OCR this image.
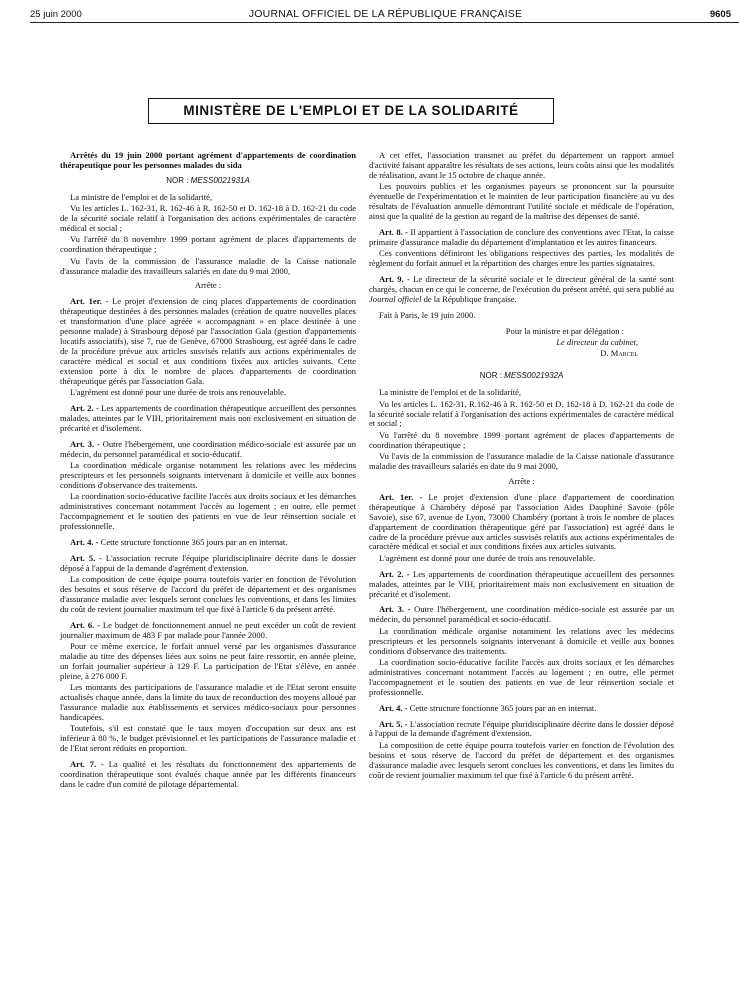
25 juin 2000	JOURNAL OFFICIEL DE LA RÉPUBLIQUE FRANÇAISE	9605
MINISTÈRE DE L'EMPLOI ET DE LA SOLIDARITÉ

Arrêtés du 19 juin 2000 portant agrément d'appartements de coordination thérapeutique pour les personnes malades du sida

NOR : MESS0021931A

La ministre de l'emploi et de la solidarité,

Vu les articles L. 162-31, R. 162-46 à R. 162-50 et D. 162-18 à D. 162-21 du code de la sécurité sociale relatif à l'organisation des actions expérimentales de caractère médical et social ;

Vu l'arrêté du 8 novembre 1999 portant agrément de places d'appartements de coordination thérapeutique ;

Vu l'avis de la commission de l'assurance maladie de la Caisse nationale d'assurance maladie des travailleurs salariés en date du 9 mai 2000,

Arrête :

Art. 1er. - Le projet d'extension de cinq places d'appartements de coordination thérapeutique destinées à des personnes malades (création de quatre nouvelles places et transformation d'une place agréée « accompagnant » en place destinée à une personne malade) à Strasbourg déposé par l'association Gala (gestion d'appartements locatifs associatifs), sise 7, rue de Genève, 67000 Strasbourg, est agréé dans le cadre de la procédure prévue aux articles susvisés relatifs aux actions expérimentales de caractère médical et social et aux conditions fixées aux articles suivants. Cette extension porte à dix le nombre de places d'appartements de coordination thérapeutique gérés par l'association Gala.

L'agrément est donné pour une durée de trois ans renouvelable.

Art. 2. - Les appartements de coordination thérapeutique accueillent des personnes malades, atteintes par le VIH, prioritairement mais non exclusivement en situation de précarité et d'isolement.

Art. 3. - Outre l'hébergement, une coordination médico-sociale est assurée par un médecin, du personnel paramédical et socio-éducatif.

La coordination médicale organise notamment les relations avec les médecins prescripteurs et les personnels soignants intervenant à domicile et veille aux bonnes conditions d'observance des traitements.

La coordination socio-éducative facilite l'accès aux droits sociaux et les démarches administratives concernant notamment l'accès au logement ; en outre, elle permet l'accompagnement et le soutien des patients en vue de leur réinsertion sociale et professionnelle.

Art. 4. - Cette structure fonctionne 365 jours par an en internat.

Art. 5. - L'association recrute l'équipe pluridisciplinaire décrite dans le dossier déposé à l'appui de la demande d'agrément d'extension.

La composition de cette équipe pourra toutefois varier en fonction de l'évolution des besoins et sous réserve de l'accord du préfet de département et des organismes d'assurance maladie avec lesquels seront conclues les conventions, et dans les limites du coût de revient journalier maximum tel que fixé à l'article 6 du présent arrêté.

Art. 6. - Le budget de fonctionnement annuel ne peut excéder un coût de revient journalier maximum de 483 F par malade pour l'année 2000.

Pour ce même exercice, le forfait annuel versé par les organismes d'assurance maladie au titre des dépenses liées aux soins ne peut faire ressortir, en année pleine, un forfait journalier supérieur à 129 F. La participation de l'Etat s'élève, en année pleine, à 276 000 F.

Les montants des participations de l'assurance maladie et de l'Etat seront ensuite actualisés chaque année, dans la limite du taux de reconduction des moyens alloué par l'assurance maladie aux établissements et services médico-sociaux pour personnes handicapées.

Toutefois, s'il est constaté que le taux moyen d'occupation sur deux ans est inférieur à 80 %, le budget prévisionnel et les participations de l'assurance maladie et de l'Etat seront réduits en proportion.

Art. 7. - La qualité et les résultats du fonctionnement des appartements de coordination thérapeutique sont évalués chaque année par les différents financeurs dans le cadre d'un comité de pilotage départemental.

A cet effet, l'association transmet au préfet du département un rapport annuel d'activité faisant apparaître les résultats de ses actions, leurs coûts ainsi que les modalités de réalisation, avant le 15 octobre de chaque année.

Les pouvoirs publics et les organismes payeurs se prononcent sur la poursuite éventuelle de l'expérimentation et le maintien de leur participation financière au vu des résultats de l'évaluation annuelle démontrant l'utilité sociale et médicale de l'opération, ainsi que la qualité de la gestion au regard de la maîtrise des dépenses de santé.

Art. 8. - Il appartient à l'association de conclure des conventions avec l'Etat, la caisse primaire d'assurance maladie du département d'implantation et les autres financeurs.

Ces conventions définiront les obligations respectives des parties, les modalités de règlement du forfait annuel et la répartition des charges entre les parties signataires.

Art. 9. - Le directeur de la sécurité sociale et le directeur général de la santé sont chargés, chacun en ce qui le concerne, de l'exécution du présent arrêté, qui sera publié au Journal officiel de la République française.

Fait à Paris, le 19 juin 2000.

Pour la ministre et par délégation :

Le directeur du cabinet,

D. Marcel

NOR : MESS0021932A

La ministre de l'emploi et de la solidarité,

Vu les articles L. 162-31, R.162-46 à R. 162-50 et D. 162-18 à D. 162-21 du code de la sécurité sociale relatif à l'organisation des actions expérimentales de caractère médical et social ;

Vu l'arrêté du 8 novembre 1999 portant agrément de places d'appartements de coordination thérapeutique ;

Vu l'avis de la commission de l'assurance maladie de la Caisse nationale d'assurance maladie des travailleurs salariés en date du 9 mai 2000,

Arrête :

Art. 1er. - Le projet d'extension d'une place d'appartement de coordination thérapeutique à Chambéry déposé par l'association Aides Dauphiné Savoie (pôle Savoie), sise 67, avenue de Lyon, 73000 Chambéry (portant à trois le nombre de places d'appartement de coordination thérapeutique géré par l'association) est agréé dans le cadre de la procédure prévue aux articles susvisés relatifs aux actions expérimentales de caractère médical et social et aux conditions fixées aux articles suivants.

L'agrément est donné pour une durée de trois ans renouvelable.

Art. 2. - Les appartements de coordination thérapeutique accueillent des personnes malades, atteintes par le VIH, prioritairement mais non exclusivement en situation de précarité et d'isolement.

Art. 3. - Outre l'hébergement, une coordination médico-sociale est assurée par un médecin, du personnel paramédical et socio-éducatif.

La coordination médicale organise notamment les relations avec les médecins prescripteurs et les personnels soignants intervenant à domicile et veille aux bonnes conditions d'observance des traitements.

La coordination socio-éducative facilite l'accès aux droits sociaux et les démarches administratives concernant notamment l'accès au logement ; en outre, elle permet l'accompagnement et le soutien des patients en vue de leur réinsertion sociale et professionnelle.

Art. 4. - Cette structure fonctionne 365 jours par an en internat.

Art. 5. - L'association recrute l'équipe pluridisciplinaire décrite dans le dossier déposé à l'appui de la demande d'agrément d'extension.

La composition de cette équipe pourra toutefois varier en fonction de l'évolution des besoins et sous réserve de l'accord du préfet de département et des organismes d'assurance maladie avec lesquels seront conclues les conventions, et dans les limites du coût de revient journalier maximum tel que fixé à l'article 6 du présent arrêté.
